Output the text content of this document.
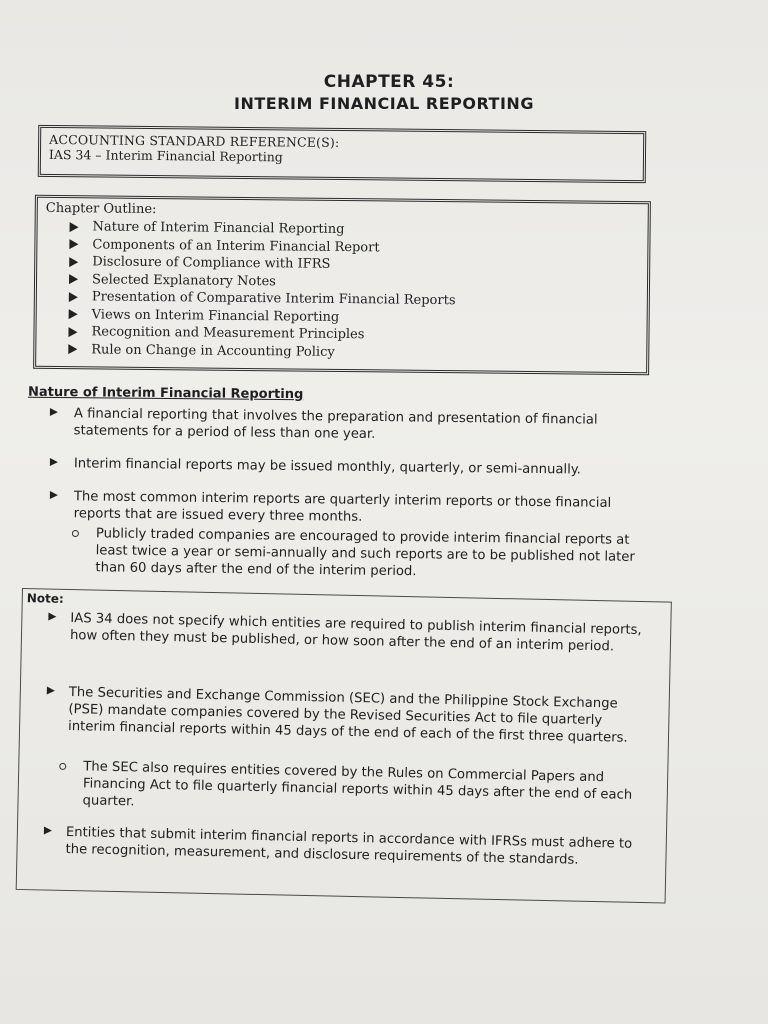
CHAPTER 45:
INTERIM FINANCIAL REPORTING
ACCOUNTING STANDARD REFERENCE(S):
IAS 34 – Interim Financial Reporting
Chapter Outline:
Nature of Interim Financial Reporting
Components of an Interim Financial Report
Disclosure of Compliance with IFRS
Selected Explanatory Notes
Presentation of Comparative Interim Financial Reports
Views on Interim Financial Reporting
Recognition and Measurement Principles
Rule on Change in Accounting Policy
Nature of Interim Financial Reporting
A financial reporting that involves the preparation and presentation of financial statements for a period of less than one year.
Interim financial reports may be issued monthly, quarterly, or semi-annually.
The most common interim reports are quarterly interim reports or those financial reports that are issued every three months.
Publicly traded companies are encouraged to provide interim financial reports at least twice a year or semi-annually and such reports are to be published not later than 60 days after the end of the interim period.
Note:
IAS 34 does not specify which entities are required to publish interim financial reports, how often they must be published, or how soon after the end of an interim period.
The Securities and Exchange Commission (SEC) and the Philippine Stock Exchange (PSE) mandate companies covered by the Revised Securities Act to file quarterly interim financial reports within 45 days of the end of each of the first three quarters.
The SEC also requires entities covered by the Rules on Commercial Papers and Financing Act to file quarterly financial reports within 45 days after the end of each quarter.
Entities that submit interim financial reports in accordance with IFRSs must adhere to the recognition, measurement, and disclosure requirements of the standards.
